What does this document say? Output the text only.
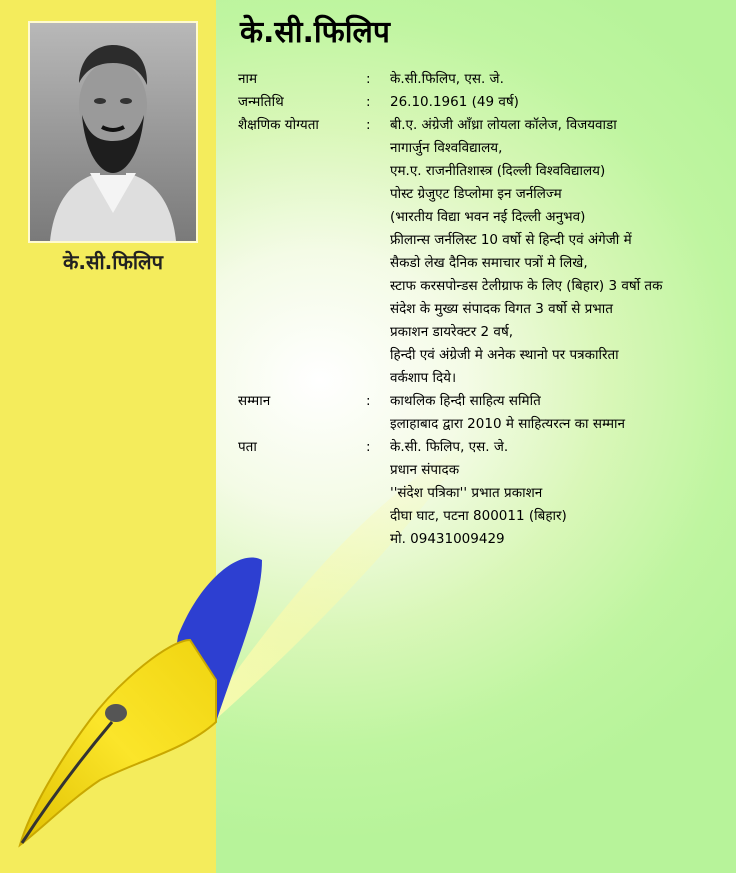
के.सी.फिलिप
के.सी.फिलिप
नाम	:	के.सी.फिलिप, एस. जे.
जन्मतिथि	:	26.10.1961 (49 वर्ष)
शैक्षणिक योग्यता	:	बी.ए. अंग्रेजी आँध्रा लोयला कॉलेज, विजयवाडा
नागार्जुन विश्वविद्यालय,
एम.ए. राजनीतिशास्त्र (दिल्ली विश्वविद्यालय)
पोस्ट ग्रेजुएट डिप्लोमा इन जर्नलिज्म
(भारतीय विद्या भवन नई दिल्ली अनुभव)
फ्रीलान्स जर्नलिस्ट 10 वर्षो से हिन्दी एवं अंगेजी में
सैकडो लेख दैनिक समाचार पत्रों मे लिखे,
स्टाफ करसपोन्डस टेलीग्राफ के लिए (बिहार) 3 वर्षो तक
संदेश के मुख्य संपादक विगत 3 वर्षो से प्रभात
प्रकाशन डायरेक्टर 2 वर्ष,
हिन्दी एवं अंग्रेजी मे अनेक स्थानो पर पत्रकारिता
वर्कशाप दिये।
सम्मान	:	काथलिक हिन्दी साहित्य समिति
इलाहाबाद द्वारा 2010 मे साहित्यरत्न का सम्मान
पता	:	के.सी. फिलिप, एस. जे.
प्रधान संपादक
''संदेश पत्रिका'' प्रभात प्रकाशन
दीघा घाट, पटना 800011 (बिहार)
मो. 09431009429
